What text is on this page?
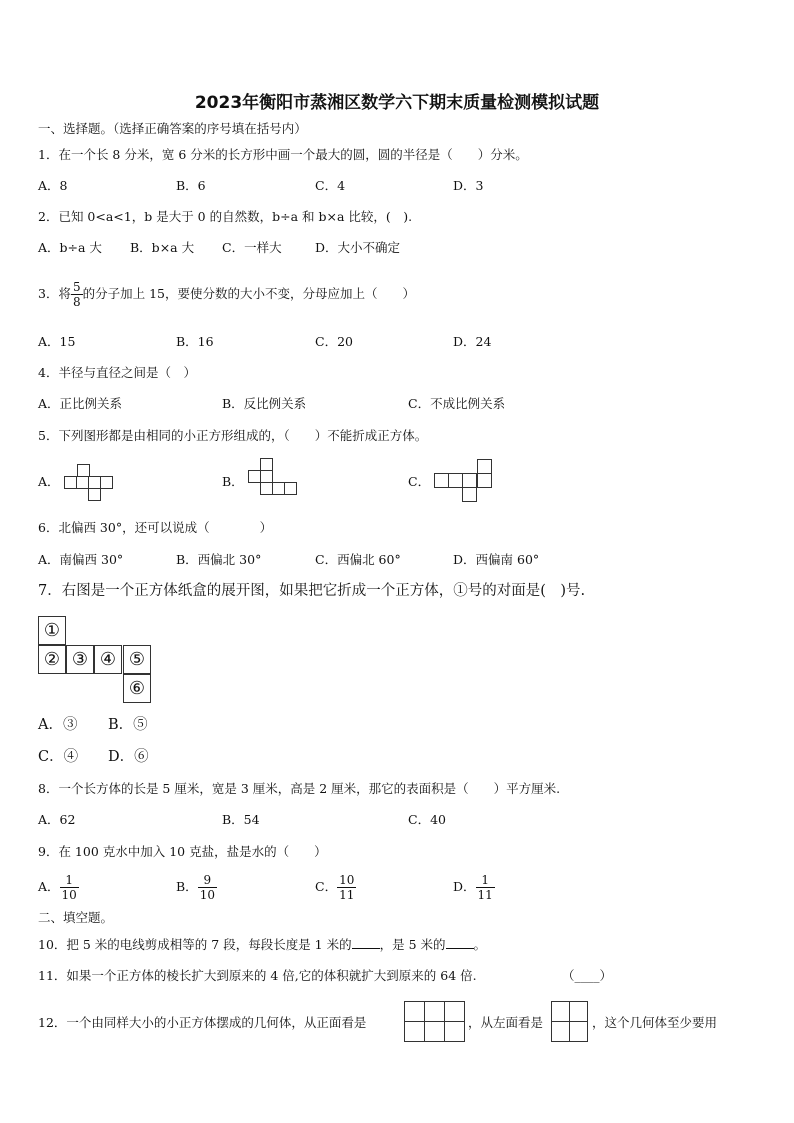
2023年衡阳市蒸湘区数学六下期末质量检测模拟试题
一、选择题。（选择正确答案的序号填在括号内）
1．在一个长 8 分米，宽 6 分米的长方形中画一个最大的圆，圆的半径是（　　）分米。
A．8	B．6	C．4	D．3
2．已知 0<a<1，b 是大于 0 的自然数，b÷a 和 b×a 比较，(　).
A．b÷a 大 B．b×a 大 C．一样大	D．大小不确定
3．将 $\frac{5}{8}$ 的分子加上 15，要使分数的大小不变，分母应加上（　　）
A．15	B．16	C．20	D．24
4．半径与直径之间是（　）
A．正比例关系	B．反比例关系	C．不成比例关系
5．下列图形都是由相同的小正方形组成的，（　　）不能折成正方体。
A．	B．	C．
6．北偏西 30°，还可以说成（　　　　）
A．南偏西 30°	B．西偏北 30°	C．西偏北 60°	D．西偏南 60°
7．右图是一个正方体纸盒的展开图，如果把它折成一个正方体，①号的对面是(　)号.
①
② ③ ④ ⑤
⑥
A．③ B．⑤
C．④ D．⑥
8．一个长方体的长是 5 厘米，宽是 3 厘米，高是 2 厘米，那它的表面积是（　　）平方厘米.
A．62	B．54	C．40
9．在 100 克水中加入 10 克盐，盐是水的（　　）
A． $\frac{1}{10}$	B． $\frac{9}{10}$	C． $\frac{10}{11}$	D． $\frac{1}{11}$
二、填空题。
10．把 5 米的电线剪成相等的 7 段，每段长度是 1 米的 ，是 5 米的 。
11．如果一个正方体的棱长扩大到原来的 4 倍,它的体积就扩大到原来的 64 倍.	（____）
12．一个由同样大小的小正方体摆成的几何体，从正面看是	，从左面看是	，这个几何体至少要用
